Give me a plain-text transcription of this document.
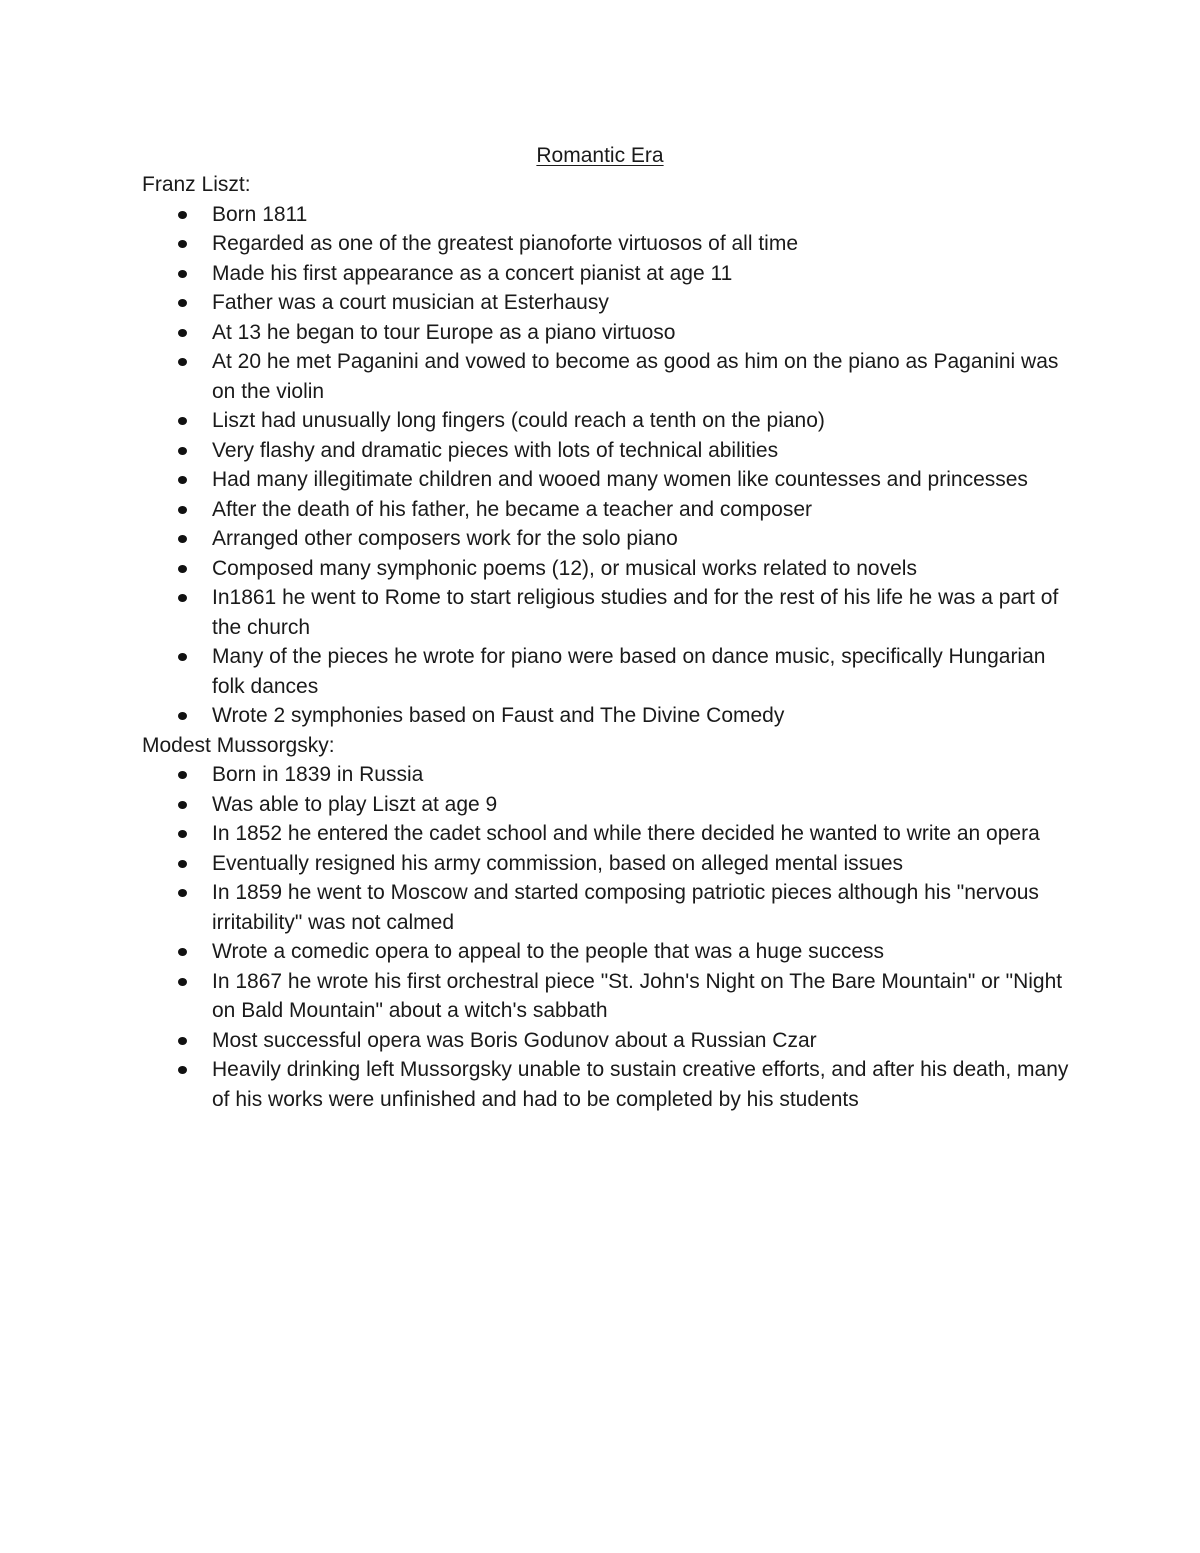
Romantic Era

Franz Liszt:

Born 1811
Regarded as one of the greatest pianoforte virtuosos of all time
Made his first appearance as a concert pianist at age 11
Father was a court musician at Esterhausy
At 13 he began to tour Europe as a piano virtuoso
At 20 he met Paganini and vowed to become as good as him on the piano as Paganini was on the violin
Liszt had unusually long fingers (could reach a tenth on the piano)
Very flashy and dramatic pieces with lots of technical abilities
Had many illegitimate children and wooed many women like countesses and princesses
After the death of his father, he became a teacher and composer
Arranged other composers work for the solo piano
Composed many symphonic poems (12), or musical works related to novels
In1861 he went to Rome to start religious studies and for the rest of his life he was a part of the church
Many of the pieces he wrote for piano were based on dance music, specifically Hungarian folk dances
Wrote 2 symphonies based on Faust and The Divine Comedy

Modest Mussorgsky:

Born in 1839 in Russia
Was able to play Liszt at age 9
In 1852 he entered the cadet school and while there decided he wanted to write an opera
Eventually resigned his army commission, based on alleged mental issues
In 1859 he went to Moscow and started composing patriotic pieces although his "nervous irritability" was not calmed
Wrote a comedic opera to appeal to the people that was a huge success
In 1867 he wrote his first orchestral piece "St. John's Night on The Bare Mountain" or "Night on Bald Mountain" about a witch's sabbath
Most successful opera was Boris Godunov about a Russian Czar
Heavily drinking left Mussorgsky unable to sustain creative efforts, and after his death, many of his works were unfinished and had to be completed by his students
